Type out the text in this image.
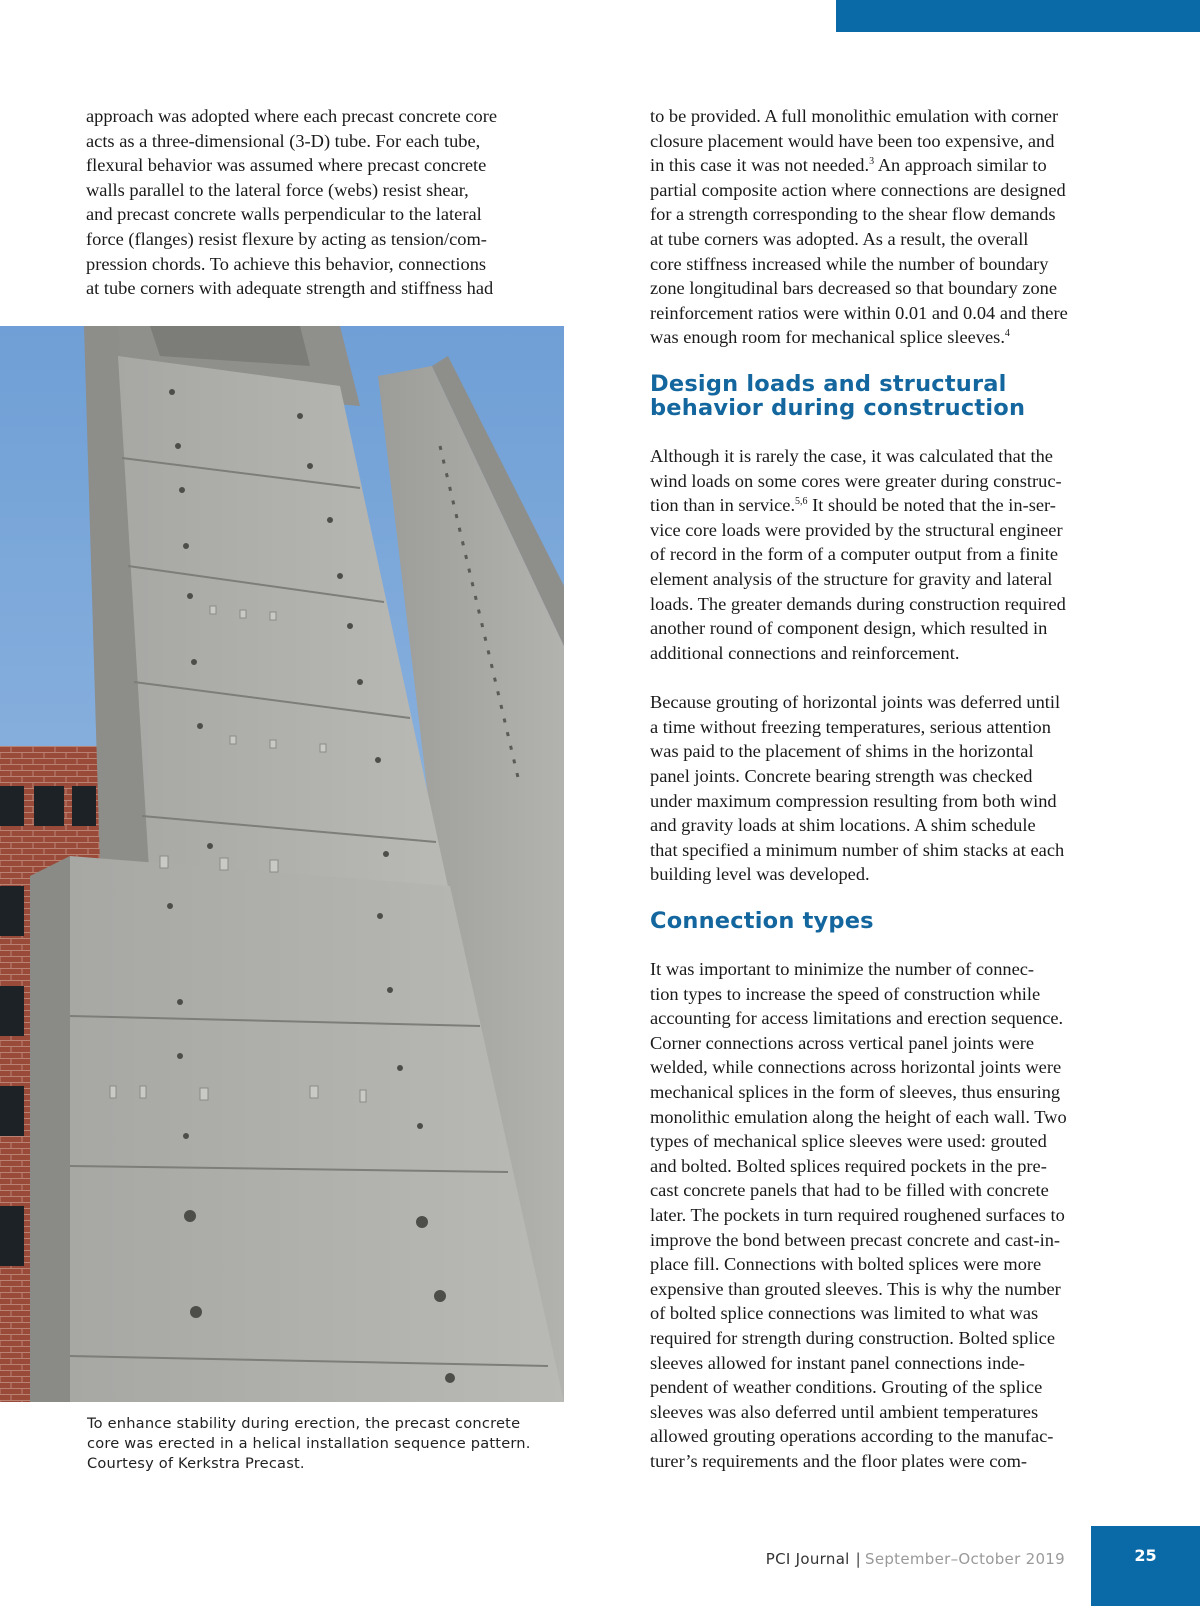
approach was adopted where each precast concrete core
acts as a three-dimensional (3-D) tube. For each tube,
flexural behavior was assumed where precast concrete
walls parallel to the lateral force (webs) resist shear,
and precast concrete walls perpendicular to the lateral
force (flanges) resist flexure by acting as tension/com-
pression chords. To achieve this behavior, connections
at tube corners with adequate strength and stiffness had

To enhance stability during erection, the precast concrete
core was erected in a helical installation sequence pattern.
Courtesy of Kerkstra Precast.

to be provided. A full monolithic emulation with corner
closure placement would have been too expensive, and
in this case it was not needed.$^3$ An approach similar to
partial composite action where connections are designed
for a strength corresponding to the shear flow demands
at tube corners was adopted. As a result, the overall
core stiffness increased while the number of boundary
zone longitudinal bars decreased so that boundary zone
reinforcement ratios were within 0.01 and 0.04 and there
was enough room for mechanical splice sleeves.$^4$

Design loads and structural
behavior during construction

Although it is rarely the case, it was calculated that the
wind loads on some cores were greater during construc-
tion than in service.$^{5,6}$ It should be noted that the in-ser-
vice core loads were provided by the structural engineer
of record in the form of a computer output from a finite
element analysis of the structure for gravity and lateral
loads. The greater demands during construction required
another round of component design, which resulted in
additional connections and reinforcement.

Because grouting of horizontal joints was deferred until
a time without freezing temperatures, serious attention
was paid to the placement of shims in the horizontal
panel joints. Concrete bearing strength was checked
under maximum compression resulting from both wind
and gravity loads at shim locations. A shim schedule
that specified a minimum number of shim stacks at each
building level was developed.

Connection types

It was important to minimize the number of connec-
tion types to increase the speed of construction while
accounting for access limitations and erection sequence.
Corner connections across vertical panel joints were
welded, while connections across horizontal joints were
mechanical splices in the form of sleeves, thus ensuring
monolithic emulation along the height of each wall. Two
types of mechanical splice sleeves were used: grouted
and bolted. Bolted splices required pockets in the pre-
cast concrete panels that had to be filled with concrete
later. The pockets in turn required roughened surfaces to
improve the bond between precast concrete and cast-in-
place fill. Connections with bolted splices were more
expensive than grouted sleeves. This is why the number
of bolted splice connections was limited to what was
required for strength during construction. Bolted splice
sleeves allowed for instant panel connections inde-
pendent of weather conditions. Grouting of the splice
sleeves was also deferred until ambient temperatures
allowed grouting operations according to the manufac-
turer’s requirements and the floor plates were com-

PCI Journal | September–October 2019	25
